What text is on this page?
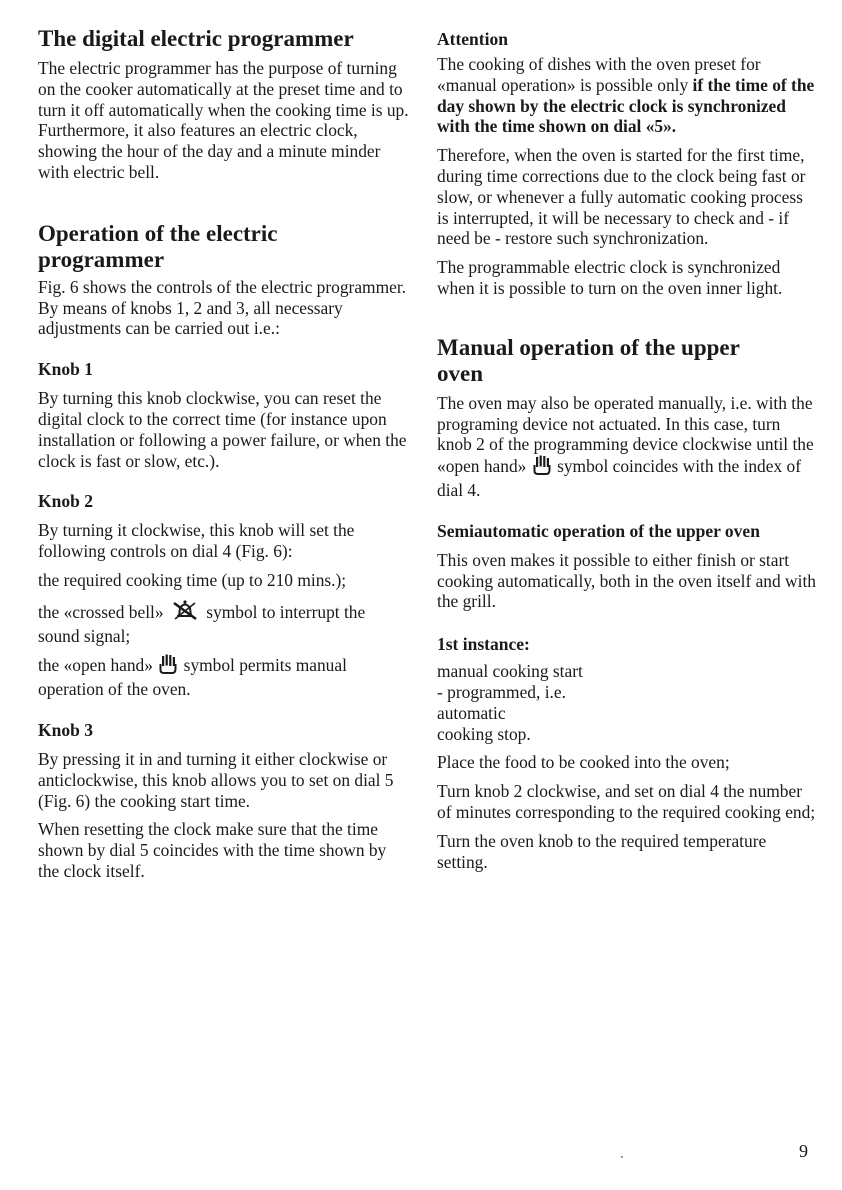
The digital electric programmer

The electric programmer has the purpose of turning on the cooker automatically at the preset time and to turn it off automatically when the cooking time is up.

Furthermore, it also features an electric clock, showing the hour of the day and a minute minder with electric bell.

Operation of the electric
programmer

Fig. 6 shows the controls of the electric programmer.

By means of knobs 1, 2 and 3, all necessary adjustments can be carried out i.e.:

Knob 1

By turning this knob clockwise, you can reset the digital clock to the correct time (for instance upon installation or following a power failure, or when the clock is fast or slow, etc.).

Knob 2

By turning it clockwise, this knob will set the following controls on dial 4 (Fig. 6):

the required cooking time (up to 210 mins.);

the «crossed bell» symbol to interrupt the sound signal;

the «open hand» symbol permits manual operation of the oven.

Knob 3

By pressing it in and turning it either clockwise or anticlockwise, this knob allows you to set on dial 5 (Fig. 6) the cooking start time.

When resetting the clock make sure that the time shown by dial 5 coincides with the time shown by the clock itself.

Attention

The cooking of dishes with the oven preset for «manual operation» is possible only if the time of the day shown by the electric clock is synchronized with the time shown on dial «5».

Therefore, when the oven is started for the first time, during time corrections due to the clock being fast or slow, or whenever a fully automatic cooking process is interrupted, it will be necessary to check and - if need be - restore such synchronization.

The programmable electric clock is synchronized when it is possible to turn on the oven inner light.

Manual operation of the upper
oven

The oven may also be operated manually, i.e. with the programing device not actuated. In this case, turn knob 2 of the programming device clockwise until the «open hand» symbol coincides with the index of dial 4.

Semiautomatic operation of the upper oven

This oven makes it possible to either finish or start cooking automatically, both in the oven itself and with the grill.

1st instance:

manual cooking start

- programmed, i.e.

automatic

cooking stop.

Place the food to be cooked into the oven;

Turn knob 2 clockwise, and set on dial 4 the number of minutes corresponding to the required cooking end;

Turn the oven knob to the required temperature setting.

9
